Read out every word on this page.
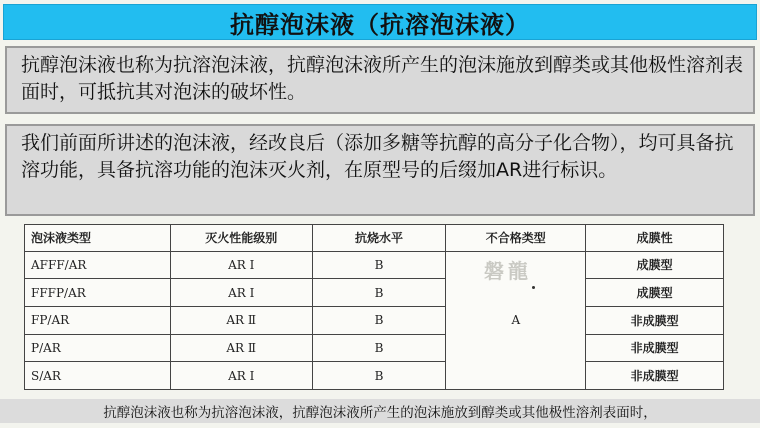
抗醇泡沫液（抗溶泡沫液）

抗醇泡沫液也称为抗溶泡沫液，抗醇泡沫液所产生的泡沫施放到醇类或其他极性溶剂表面时，可抵抗其对泡沫的破坏性。

我们前面所讲述的泡沫液，经改良后（添加多糖等抗醇的高分子化合物），均可具备抗溶功能，具备抗溶功能的泡沫灭火剂，在原型号的后缀加AR进行标识。

泡沫液类型	灭火性能级别	抗烧水平	不合格类型	成膜性
AFFF/AR	AR Ⅰ	B	A	成膜型
FFFP/AR	AR Ⅰ	B		成膜型
FP/AR	AR Ⅱ	B		非成膜型
P/AR	AR Ⅱ	B		非成膜型
S/AR	AR Ⅰ	B		非成膜型
磐龍
抗醇泡沫液也称为抗溶泡沫液，抗醇泡沫液所产生的泡沫施放到醇类或其他极性溶剂表面时，
